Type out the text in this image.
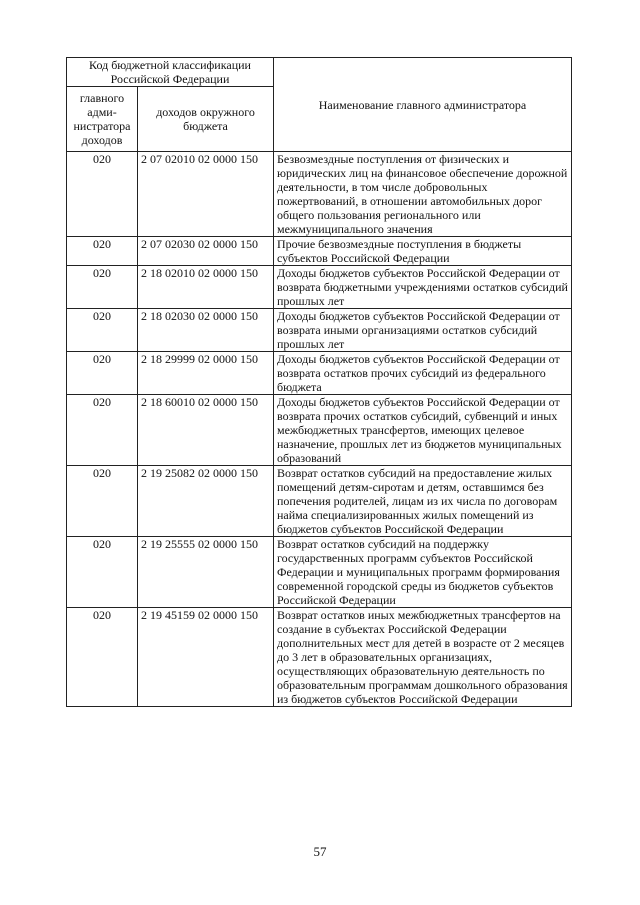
Код бюджетной классификации Российской Федерации		Наименование главного администратора
главного адми-нистратора доходов	доходов окружного бюджета	
020	2 07 02010 02 0000 150	Безвозмездные поступления от физических и юридических лиц на финансовое обеспечение дорожной деятельности, в том числе добровольных пожертвований, в отношении автомобильных дорог общего пользования регионального или межмуниципального значения
020	2 07 02030 02 0000 150	Прочие безвозмездные поступления в бюджеты субъектов Российской Федерации
020	2 18 02010 02 0000 150	Доходы бюджетов субъектов Российской Федерации от возврата бюджетными учреждениями остатков субсидий прошлых лет
020	2 18 02030 02 0000 150	Доходы бюджетов субъектов Российской Федерации от возврата иными организациями остатков субсидий прошлых лет
020	2 18 29999 02 0000 150	Доходы бюджетов субъектов Российской Федерации от возврата остатков прочих субсидий из федерального бюджета
020	2 18 60010 02 0000 150	Доходы бюджетов субъектов Российской Федерации от возврата прочих остатков субсидий, субвенций и иных межбюджетных трансфертов, имеющих целевое назначение, прошлых лет из бюджетов муниципальных образований
020	2 19 25082 02 0000 150	Возврат остатков субсидий на предоставление жилых помещений детям-сиротам и детям, оставшимся без попечения родителей, лицам из их числа по договорам найма специализированных жилых помещений из бюджетов субъектов Российской Федерации
020	2 19 25555 02 0000 150	Возврат остатков субсидий на поддержку государственных программ субъектов Российской Федерации и муниципальных программ формирования современной городской среды из бюджетов субъектов Российской Федерации
020	2 19 45159 02 0000 150	Возврат остатков иных межбюджетных трансфертов на создание в субъектах Российской Федерации дополнительных мест для детей в возрасте от 2 месяцев до 3 лет в образовательных организациях, осуществляющих образовательную деятельность по образовательным программам дошкольного образования из бюджетов субъектов Российской Федерации
57
